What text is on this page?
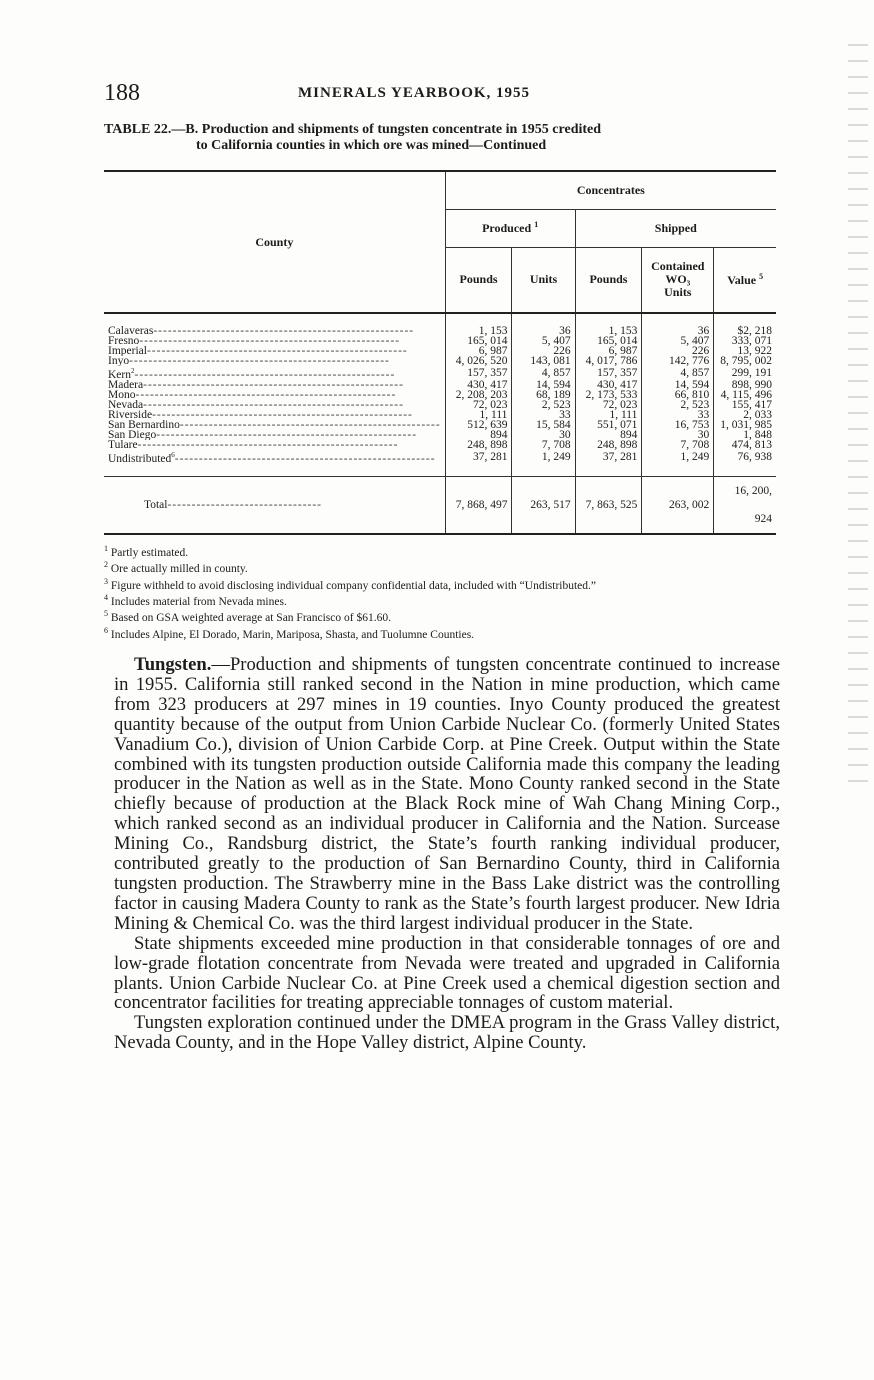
188	MINERALS YEARBOOK, 1955
TABLE 22.—B. Production and shipments of tungsten concentrate in 1955 credited
to California counties in which ore was mined—Continued
County	Concentrates				
	Produced $^1$		Shipped		
	Pounds	Units	Pounds	Contained
WO₃
Units	Value $^5$
Calaveras------------------------------------------------------	1, 153	36	1, 153	36	$2, 218
Fresno------------------------------------------------------	165, 014	5, 407	165, 014	5, 407	333, 071
Imperial------------------------------------------------------	6, 987	226	6, 987	226	13, 922
Inyo------------------------------------------------------	4, 026, 520	143, 081	4, 017, 786	142, 776	8, 795, 002
Kern$^2$------------------------------------------------------	157, 357	4, 857	157, 357	4, 857	299, 191
Madera------------------------------------------------------	430, 417	14, 594	430, 417	14, 594	898, 990
Mono------------------------------------------------------	2, 208, 203	68, 189	2, 173, 533	66, 810	4, 115, 496
Nevada------------------------------------------------------	72, 023	2, 523	72, 023	2, 523	155, 417
Riverside------------------------------------------------------	1, 111	33	1, 111	33	2, 033
San Bernardino------------------------------------------------------	512, 639	15, 584	551, 071	16, 753	1, 031, 985
San Diego------------------------------------------------------	894	30	894	30	1, 848
Tulare------------------------------------------------------	248, 898	7, 708	248, 898	7, 708	474, 813
Undistributed$^6$------------------------------------------------------	37, 281	1, 249	37, 281	1, 249	76, 938
Total--------------------------------	7, 868, 497	263, 517	7, 863, 525	263, 002	16, 200, 924
$^1$ Partly estimated.
$^2$ Ore actually milled in county.
$^3$ Figure withheld to avoid disclosing individual company confidential data, included with “Undistributed.”
$^4$ Includes material from Nevada mines.
$^5$ Based on GSA weighted average at San Francisco of $61.60.
$^6$ Includes Alpine, El Dorado, Marin, Mariposa, Shasta, and Tuolumne Counties.

Tungsten.—Production and shipments of tungsten concentrate continued to increase in 1955. California still ranked second in the Nation in mine production, which came from 323 producers at 297 mines in 19 counties. Inyo County produced the greatest quantity because of the output from Union Carbide Nuclear Co. (formerly United States Vanadium Co.), division of Union Carbide Corp. at Pine Creek. Output within the State combined with its tungsten production outside California made this company the leading producer in the Nation as well as in the State. Mono County ranked second in the State chiefly because of production at the Black Rock mine of Wah Chang Mining Corp., which ranked second as an individual producer in California and the Nation. Surcease Mining Co., Randsburg district, the State’s fourth ranking individual producer, contributed greatly to the production of San Bernardino County, third in California tungsten production. The Strawberry mine in the Bass Lake district was the controlling factor in causing Madera County to rank as the State’s fourth largest producer. New Idria Mining & Chemical Co. was the third largest individual producer in the State.

State shipments exceeded mine production in that considerable tonnages of ore and low-grade flotation concentrate from Nevada were treated and upgraded in California plants. Union Carbide Nuclear Co. at Pine Creek used a chemical digestion section and concentrator facilities for treating appreciable tonnages of custom material.

Tungsten exploration continued under the DMEA program in the Grass Valley district, Nevada County, and in the Hope Valley district, Alpine County.
